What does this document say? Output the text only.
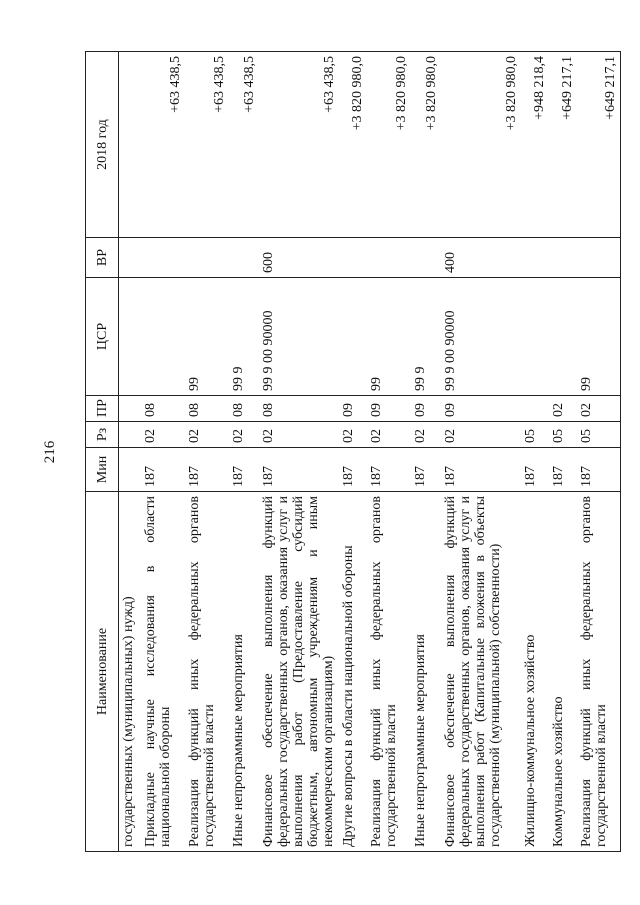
216
Наименование	Мин	Рз	ПР	ЦСР	ВР	2018 год
государственных (муниципальных) нужд)						
Прикладные научные исследования в области национальной обороны	187	02	08			+63 438,5
Реализация функций иных федеральных органов государственной власти	187	02	08	99		+63 438,5
Иные непрограммные мероприятия	187	02	08	99 9		+63 438,5
Финансовое обеспечение выполнения функций федеральных государственных органов, оказания услуг и выполнения работ (Предоставление субсидий бюджетным, автономным учреждениям и иным некоммерческим организациям)	187	02	08	99 9 00 90000	600	+63 438,5
Другие вопросы в области национальной обороны	187	02	09			+3 820 980,0
Реализация функций иных федеральных органов государственной власти	187	02	09	99		+3 820 980,0
Иные непрограммные мероприятия	187	02	09	99 9		+3 820 980,0
Финансовое обеспечение выполнения функций федеральных государственных органов, оказания услуг и выполнения работ (Капитальные вложения в объекты государственной (муниципальной) собственности)	187	02	09	99 9 00 90000	400	+3 820 980,0
Жилищно-коммунальное хозяйство	187	05				+948 218,4
Коммунальное хозяйство	187	05	02			+649 217,1
Реализация функций иных федеральных органов государственной власти	187	05	02	99		+649 217,1
